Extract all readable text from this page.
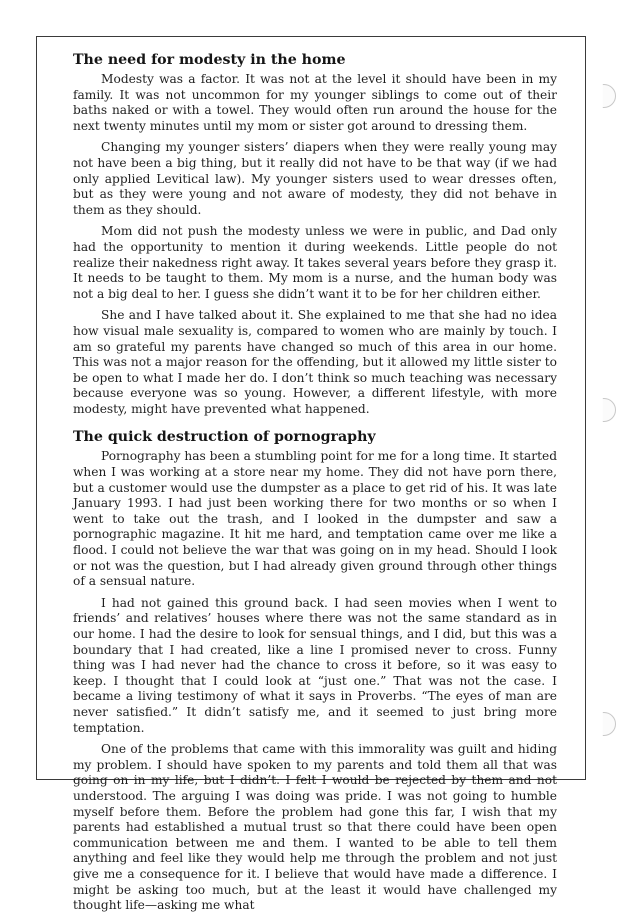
The need for modesty in the home

Modesty was a factor. It was not at the level it should have been in my family. It was not uncommon for my younger siblings to come out of their baths naked or with a towel. They would often run around the house for the next twenty minutes until my mom or sister got around to dressing them.

Changing my younger sisters’ diapers when they were really young may not have been a big thing, but it really did not have to be that way (if we had only applied Levitical law). My younger sisters used to wear dresses often, but as they were young and not aware of modesty, they did not behave in them as they should.

Mom did not push the modesty unless we were in public, and Dad only had the opportunity to mention it during weekends. Little people do not realize their nakedness right away. It takes several years before they grasp it. It needs to be taught to them. My mom is a nurse, and the human body was not a big deal to her. I guess she didn’t want it to be for her children either.

She and I have talked about it. She explained to me that she had no idea how visual male sexuality is, compared to women who are mainly by touch. I am so grateful my parents have changed so much of this area in our home. This was not a major reason for the offending, but it allowed my little sister to be open to what I made her do. I don’t think so much teaching was necessary because everyone was so young. However, a different lifestyle, with more modesty, might have prevented what happened.

The quick destruction of pornography

Pornography has been a stumbling point for me for a long time. It started when I was working at a store near my home. They did not have porn there, but a customer would use the dumpster as a place to get rid of his. It was late January 1993. I had just been working there for two months or so when I went to take out the trash, and I looked in the dumpster and saw a pornographic magazine. It hit me hard, and temptation came over me like a flood. I could not believe the war that was going on in my head. Should I look or not was the question, but I had already given ground through other things of a sensual nature.

I had not gained this ground back. I had seen movies when I went to friends’ and relatives’ houses where there was not the same standard as in our home. I had the desire to look for sensual things, and I did, but this was a boundary that I had created, like a line I promised never to cross. Funny thing was I had never had the chance to cross it before, so it was easy to keep. I thought that I could look at “just one.” That was not the case. I became a living testimony of what it says in Proverbs. “The eyes of man are never satisfied.” It didn’t satisfy me, and it seemed to just bring more temptation.

One of the problems that came with this immorality was guilt and hiding my problem. I should have spoken to my parents and told them all that was going on in my life, but I didn’t. I felt I would be rejected by them and not understood. The arguing I was doing was pride. I was not going to humble myself before them. Before the problem had gone this far, I wish that my parents had established a mutual trust so that there could have been open communication between me and them. I wanted to be able to tell them anything and feel like they would help me through the problem and not just give me a consequence for it. I believe that would have made a difference. I might be asking too much, but at the least it would have challenged my thought life—asking me what
